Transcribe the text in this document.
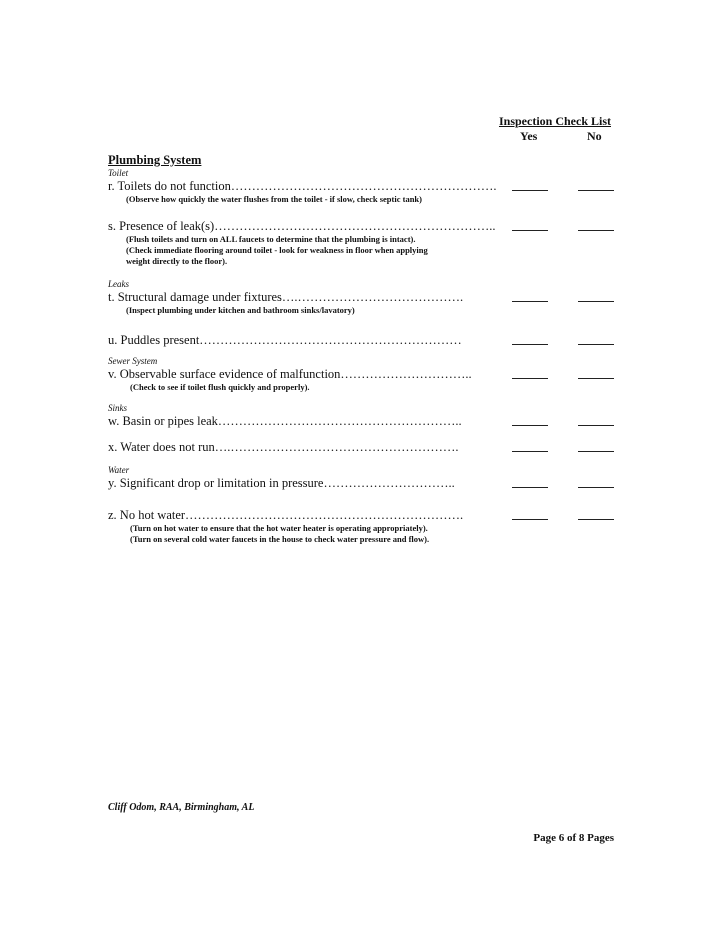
Inspection Check List
Yes	No
Plumbing System
Toilet
r. Toilets do not function……………………………………………………….
(Observe how quickly the water flushes from the toilet - if slow, check septic tank)
s. Presence of leak(s)…………………………………………………………..
(Flush toilets and turn on ALL faucets to determine that the plumbing is intact).
(Check immediate flooring around toilet - look for weakness in floor when applying
weight directly to the floor).
Leaks
t. Structural damage under fixtures….………………………………….
(Inspect plumbing under kitchen and bathroom sinks/lavatory)
u. Puddles present………………………………………………………
Sewer System
v. Observable surface evidence of malfunction…………………………..
(Check to see if toilet flush quickly and properly).
Sinks
w. Basin or pipes leak…………………………………………………..
x. Water does not run….……………………………………………….
Water
y. Significant drop or limitation in pressure…………………………..
z. No hot water………………………………………………………….
(Turn on hot water to ensure that the hot water heater is operating appropriately).
(Turn on several cold water faucets in the house to check water pressure and flow).
Cliff Odom, RAA, Birmingham, AL
Page 6 of 8 Pages
